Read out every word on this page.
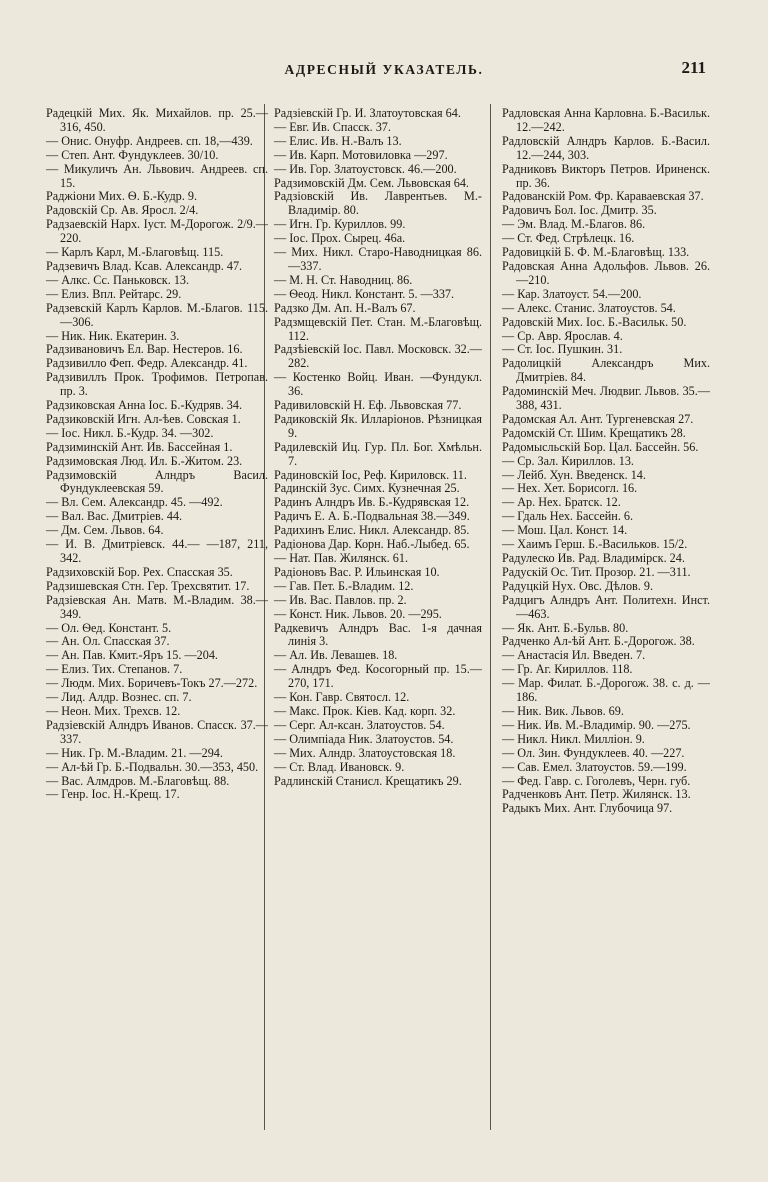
АДРЕСНЫЙ УКАЗАТЕЛЬ.	211

Радецкій Мих. Як. Михайлов. пр. 25.—316, 450.

— Онис. Онуфр. Андреев. сп. 18,—439.

— Степ. Ант. Фундуклеев. 30/10.

— Микуличъ Ан. Львович. Андреев. сп. 15.

Раджіони Мих. Ѳ. Б.-Кудр. 9.

Радовскій Ср. Ав. Яросл. 2/4.

Радзаевскій Нарх. Іуст. М-Дорогож. 2/9.—220.

— Карлъ Карл, М.-Благовѣщ. 115.

Радзевичъ Влад. Ксав. Александр. 47.

— Алкс. Сс. Паньковск. 13.

— Елиз. Впл. Рейтарс. 29.

Радзевскій Карлъ Карлов. М.-Благов. 115.—306.

— Ник. Ник. Екатерин. 3.

Радзивановичъ Ел. Вар. Нестеров. 16.

Радзивилло Феп. Федр. Александр. 41.

Радзивиллъ Прок. Трофимов. Петропав. пр. 3.

Радзиковская Анна Іос. Б.-Кудряв. 34.

Радзиковскій Игн. Ал-ѣев. Совская 1.

— Іос. Никл. Б.-Кудр. 34. —302.

Радзиминскій Ант. Ив. Бассейная 1.

Радзимовская Люд. Ил. Б.-Житом. 23.

Радзимовскій Алндръ Васил. Фундуклеевская 59.

— Вл. Сем. Александр. 45. —492.

— Вал. Вас. Дмитріев. 44.

— Дм. Сем. Львов. 64.

— И. В. Дмитріевск. 44.— —187, 211, 342.

Радзиховскій Бор. Рех. Спасская 35.

Радзишевская Стн. Гер. Трехсвятит. 17.

Радзіевская Ан. Матв. М.-Владим. 38.—349.

— Ол. Ѳед. Констант. 5.

— Ан. Ол. Спасская 37.

— Ан. Пав. Кмит.-Яръ 15. —204.

— Елиз. Тих. Степанов. 7.

— Людм. Мих. Боричевъ-Токъ 27.—272.

— Лид. Алдр. Вознес. сп. 7.

— Неон. Мих. Трехсв. 12.

Радзіевскій Алндръ Иванов. Спасск. 37.—337.

— Ник. Гр. М.-Владим. 21. —294.

— Ал-ѣй Гр. Б.-Подвальн. 30.—353, 450.

— Вас. Алмдров. М.-Благовѣщ. 88.

— Генр. Іос. Н.-Крещ. 17.

Радзіевскій Гр. И. Златоутовская 64.

— Евг. Ив. Спасск. 37.

— Елис. Ив. Н.-Валъ 13.

— Ив. Карп. Мотовиловка —297.

— Ив. Гор. Златоустовск. 46.—200.

Радзимовскій Дм. Сем. Львовская 64.

Радзіовскій Ив. Лаврентьев. М.-Владимір. 80.

— Игн. Гр. Куриллов. 99.

— Іос. Прох. Сырец. 46а.

— Мих. Никл. Старо-Наводницкая 86.—337.

— М. Н. Ст. Наводниц. 86.

— Ѳеод. Никл. Констант. 5. —337.

Радзко Дм. Ап. Н.-Валъ 67.

Радзмщевскій Пет. Стан. М.-Благовѣщ. 112.

Радзѣіевскій Іос. Павл. Московск. 32.—282.

— Костенко Войц. Иван. —Фундукл. 36.

Радивиловскій Н. Еф. Львовская 77.

Радиковскій Як. Илларіонов. Рѣзницкая 9.

Радилевскій Иц. Гур. Пл. Бог. Хмѣльн. 7.

Радиновскій Іос, Реф. Кириловск. 11.

Радинскій Зус. Симх. Кузнечная 25.

Радинъ Алндръ Ив. Б.-Кудрявская 12.

Радичъ Е. А. Б.-Подвальная 38.—349.

Радихинъ Елис. Никл. Александр. 85.

Радіонова Дар. Корн. Наб.-Лыбед. 65.

— Нат. Пав. Жилянск. 61.

Радіоновъ Вас. Р. Ильинская 10.

— Гав. Пет. Б.-Владим. 12.

— Ив. Вас. Павлов. пр. 2.

— Конст. Ник. Львов. 20. —295.

Радкевичъ Алндръ Вас. 1-я дачная линія 3.

— Ал. Ив. Левашев. 18.

— Алндръ Фед. Косогорный пр. 15.—270, 171.

— Кон. Гавр. Святосл. 12.

— Макс. Прок. Кіев. Кад. корп. 32.

— Серг. Ал-ксан. Златоустов. 54.

— Олимпіада Ник. Златоустов. 54.

— Мих. Алндр. Златоустовская 18.

— Ст. Влад. Ивановск. 9.

Радлинскій Станисл. Крещатикъ 29.

Радловская Анна Карловна. Б.-Васильк. 12.—242.

Радловскій Алндръ Карлов. Б.-Васил. 12.—244, 303.

Радниковъ Викторъ Петров. Ириненск. пр. 36.

Радованскій Ром. Фр. Караваевская 37.

Радовичъ Бол. Іос. Дмитр. 35.

— Эм. Влад. М.-Благов. 86.

— Ст. Фед. Стрѣлецк. 16.

Радовицкій Б. Ф. М.-Благовѣщ. 133.

Радовская Анна Адольфов. Львов. 26.—210.

— Кар. Златоуст. 54.—200.

— Алекс. Станис. Златоустов. 54.

Радовскій Мих. Іос. Б.-Васильк. 50.

— Ср. Авр. Ярослав. 4.

— Ст. Іос. Пушкин. 31.

Радолицкій Александръ Мих. Дмитріев. 84.

Радоминскій Меч. Людвиг. Львов. 35.—388, 431.

Радомская Ал. Ант. Тургеневская 27.

Радомскій Ст. Шим. Крещатикъ 28.

Радомысльскій Бор. Цал. Бассейн. 56.

— Ср. Зал. Кириллов. 13.

— Лейб. Хун. Введенск. 14.

— Нех. Хет. Борисогл. 16.

— Ар. Нех. Братск. 12.

— Гдаль Нех. Бассейн. 6.

— Мош. Цал. Конст. 14.

— Хаимъ Герш. Б.-Васильков. 15/2.

Радулеско Ив. Рад. Владимірск. 24.

Радускій Ос. Тит. Прозор. 21. —311.

Радуцкій Нух. Овс. Дѣлов. 9.

Радцигъ Алндръ Ант. Политехн. Инст.—463.

— Як. Ант. Б.-Бульв. 80.

Радченко Ал-ѣй Ант. Б.-Дорогож. 38.

— Анастасія Ил. Введен. 7.

— Гр. Аг. Кириллов. 118.

— Мар. Филат. Б.-Дорогож. 38. с. д. —186.

— Ник. Вик. Львов. 69.

— Ник. Ив. М.-Владимір. 90. —275.

— Никл. Никл. Милліон. 9.

— Ол. Зин. Фундуклеев. 40. —227.

— Сав. Емел. Златоустов. 59.—199.

— Фед. Гавр. с. Гоголевъ, Черн. губ.

Радченковъ Ант. Петр. Жилянск. 13.

Радыкъ Мих. Ант. Глубочица 97.
